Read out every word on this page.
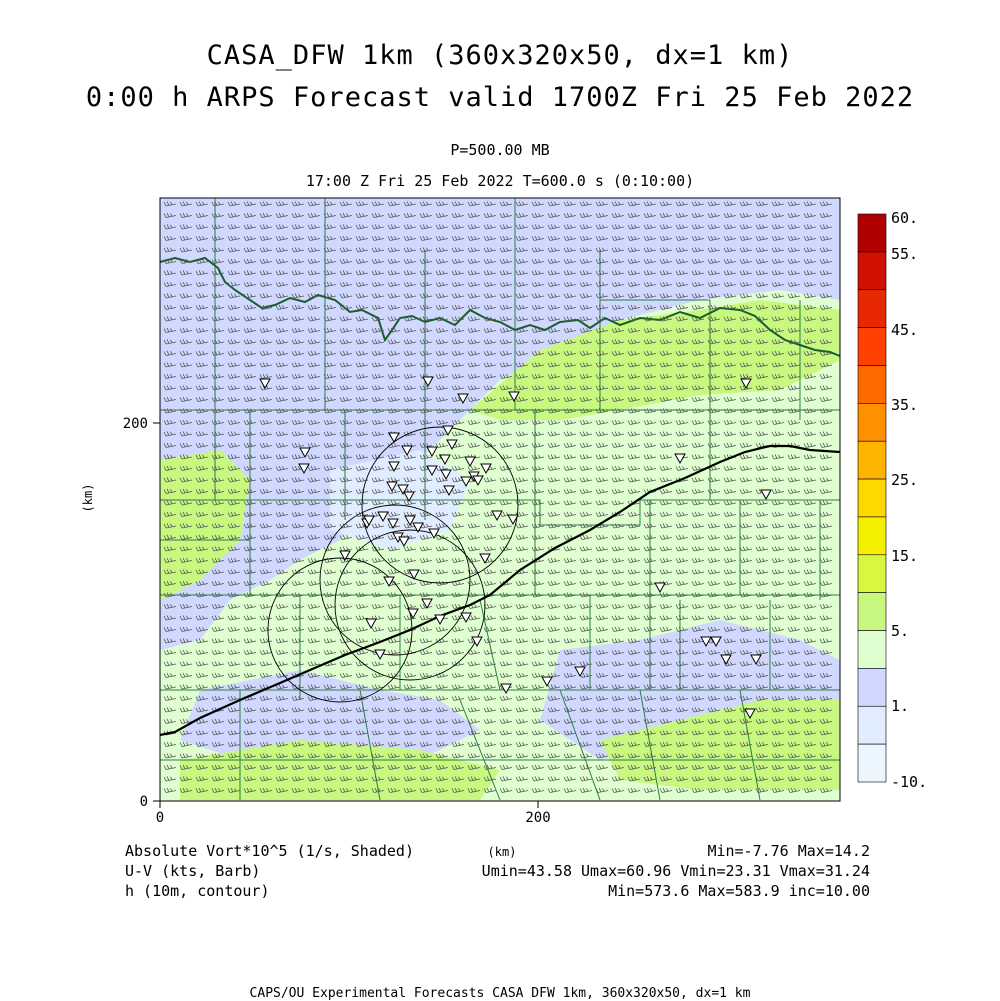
CASA_DFW 1km (360x320x50, dx=1 km)
0:00 h ARPS Forecast valid 1700Z Fri 25 Feb 2022
P=500.00 MB
17:00 Z Fri 25 Feb 2022 T=600.0 s (0:10:00)
0	200
0
200
(km)
(km)
60.
55.
45.
35.
25.
15.
5.
1.
-10.
Absolute Vort*10^5 (1/s, Shaded)
U-V (kts, Barb)
h (10m, contour)
Min=-7.76 Max=14.2
Umin=43.58 Umax=60.96 Vmin=23.31 Vmax=31.24
Min=573.6 Max=583.9 inc=10.00
CAPS/OU Experimental Forecasts CASA DFW 1km, 360x320x50, dx=1 km
